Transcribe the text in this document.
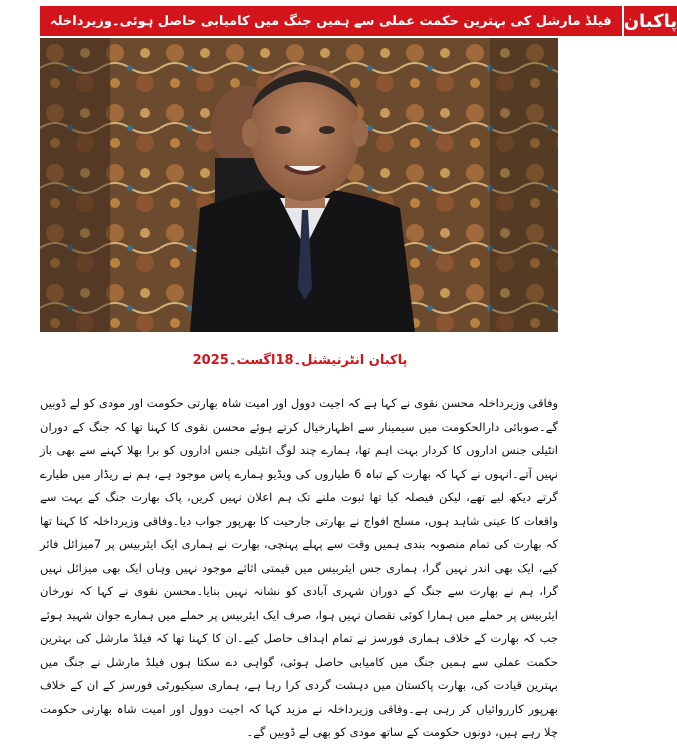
فیلڈ مارشل کی بہترین حکمت عملی سے ہمیں جنگ میں کامیابی حاصل ہوئی۔وزیرداخلہ پاکبان
پاکبان انٹرنیشنل۔18اگست۔2025
وفاقی وزیرداخلہ محسن نقوی نے کہا ہے کہ اجیت دوول اور امیت شاہ بھارتی حکومت اور مودی کو لے ڈوبیں گے۔صوبائی دارالحکومت میں سیمینار سے اظہارخیال کرتے ہوئے محسن نقوی کا کہنا تھا کہ جنگ کے دوران انٹیلی جنس اداروں کا کردار بہت اہم تھا، ہمارے چند لوگ انٹیلی جنس اداروں کو برا بھلا کہنے سے بھی باز نہیں آتے۔انہوں نے کہا کہ بھارت کے تباہ 6 طیاروں کی ویڈیو ہمارے پاس موجود ہے، ہم نے ریڈار میں طیارے گرتے دیکھ لیے تھے، لیکن فیصلہ کیا تھا ثبوت ملنے تک ہم اعلان نہیں کریں، پاک بھارت جنگ کے بہت سے واقعات کا عینی شاہد ہوں، مسلح افواج نے بھارتی جارحیت کا بھرپور جواب دیا۔وفاقی وزیرداخلہ کا کہنا تھا کہ بھارت کی تمام منصوبہ بندی ہمیں وقت سے پہلے پہنچی، بھارت نے ہماری ایک ایئربیس پر 7میزائل فائر کیے، ایک بھی اندر نہیں گرا، ہماری جس ایئربیس میں قیمتی اثاثے موجود نہیں وہاں ایک بھی میزائل نہیں گرا، ہم نے بھارت سے جنگ کے دوران شہری آبادی کو نشانہ نہیں بنایا۔محسن نقوی نے کہا کہ نورخان ایئربیس پر حملے میں ہمارا کوئی نقصان نہیں ہوا، صرف ایک ایئربیس پر حملے میں ہمارے جوان شہید ہوئے جب کہ بھارت کے خلاف ہماری فورسز نے تمام اہداف حاصل کیے۔ان کا کہنا تھا کہ فیلڈ مارشل کی بہترین حکمت عملی سے ہمیں جنگ میں کامیابی حاصل ہوئی، گواہی دے سکتا ہوں فیلڈ مارشل نے جنگ میں بہترین قیادت کی، بھارت پاکستان میں دہشت گردی کرا رہا ہے، ہماری سیکیورٹی فورسز کے ان کے خلاف بھرپور کارروائیاں کر رہی ہے۔وفاقی وزیرداخلہ نے مزید کہا کہ اجیت دوول اور امیت شاہ بھارتی حکومت چلا رہے ہیں، دونوں حکومت کے ساتھ مودی کو بھی لے ڈوبیں گے۔
